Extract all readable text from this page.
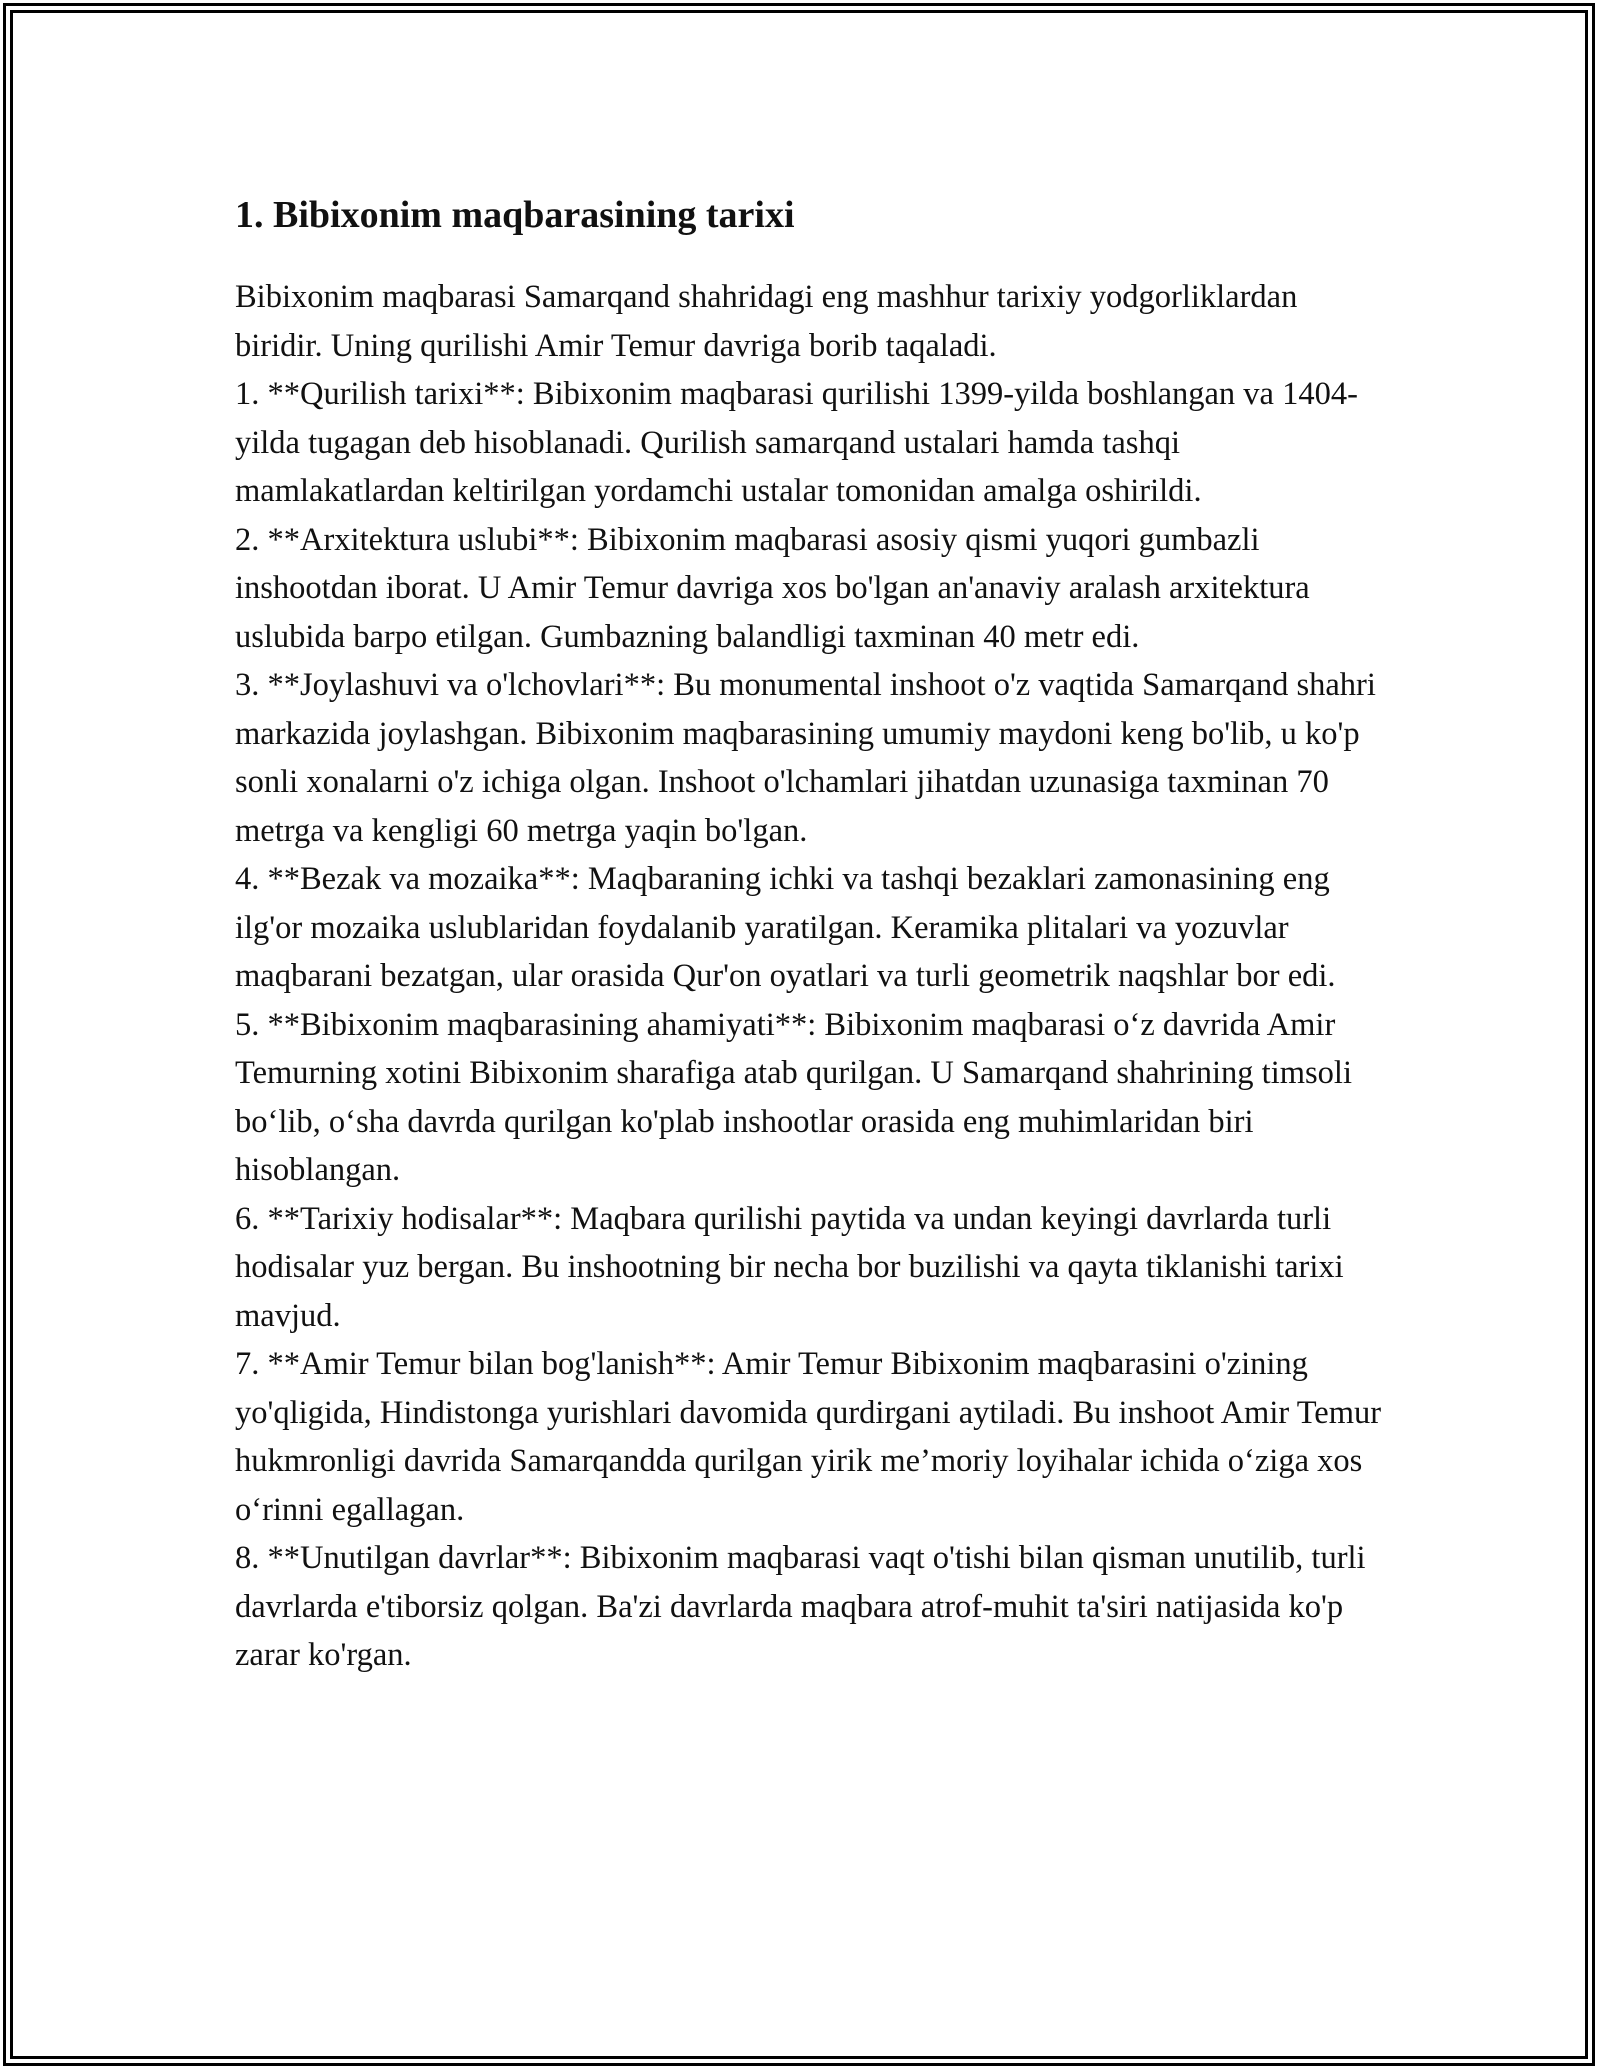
1. Bibixonim maqbarasining tarixi

Bibixonim maqbarasi Samarqand shahridagi eng mashhur tarixiy yodgorliklardan biridir. Uning qurilishi Amir Temur davriga borib taqaladi.

1. **Qurilish tarixi**: Bibixonim maqbarasi qurilishi 1399-yilda boshlangan va 1404-yilda tugagan deb hisoblanadi. Qurilish samarqand ustalari hamda tashqi mamlakatlardan keltirilgan yordamchi ustalar tomonidan amalga oshirildi.

2. **Arxitektura uslubi**: Bibixonim maqbarasi asosiy qismi yuqori gumbazli inshootdan iborat. U Amir Temur davriga xos bo'lgan an'anaviy aralash arxitektura uslubida barpo etilgan. Gumbazning balandligi taxminan 40 metr edi.

3. **Joylashuvi va o'lchovlari**: Bu monumental inshoot o'z vaqtida Samarqand shahri markazida joylashgan. Bibixonim maqbarasining umumiy maydoni keng bo'lib, u ko'p sonli xonalarni o'z ichiga olgan. Inshoot o'lchamlari jihatdan uzunasiga taxminan 70 metrga va kengligi 60 metrga yaqin bo'lgan.

4. **Bezak va mozaika**: Maqbaraning ichki va tashqi bezaklari zamonasining eng ilg'or mozaika uslublaridan foydalanib yaratilgan. Keramika plitalari va yozuvlar maqbarani bezatgan, ular orasida Qur'on oyatlari va turli geometrik naqshlar bor edi.

5. **Bibixonim maqbarasining ahamiyati**: Bibixonim maqbarasi o‘z davrida Amir Temurning xotini Bibixonim sharafiga atab qurilgan. U Samarqand shahrining timsoli bo‘lib, o‘sha davrda qurilgan ko'plab inshootlar orasida eng muhimlaridan biri hisoblangan.

6. **Tarixiy hodisalar**: Maqbara qurilishi paytida va undan keyingi davrlarda turli hodisalar yuz bergan. Bu inshootning bir necha bor buzilishi va qayta tiklanishi tarixi mavjud.

7. **Amir Temur bilan bog'lanish**: Amir Temur Bibixonim maqbarasini o'zining yo'qligida, Hindistonga yurishlari davomida qurdirgani aytiladi. Bu inshoot Amir Temur hukmronligi davrida Samarqandda qurilgan yirik me’moriy loyihalar ichida o‘ziga xos o‘rinni egallagan.

8. **Unutilgan davrlar**: Bibixonim maqbarasi vaqt o'tishi bilan qisman unutilib, turli davrlarda e'tiborsiz qolgan. Ba'zi davrlarda maqbara atrof-muhit ta'siri natijasida ko'p zarar ko'rgan.
